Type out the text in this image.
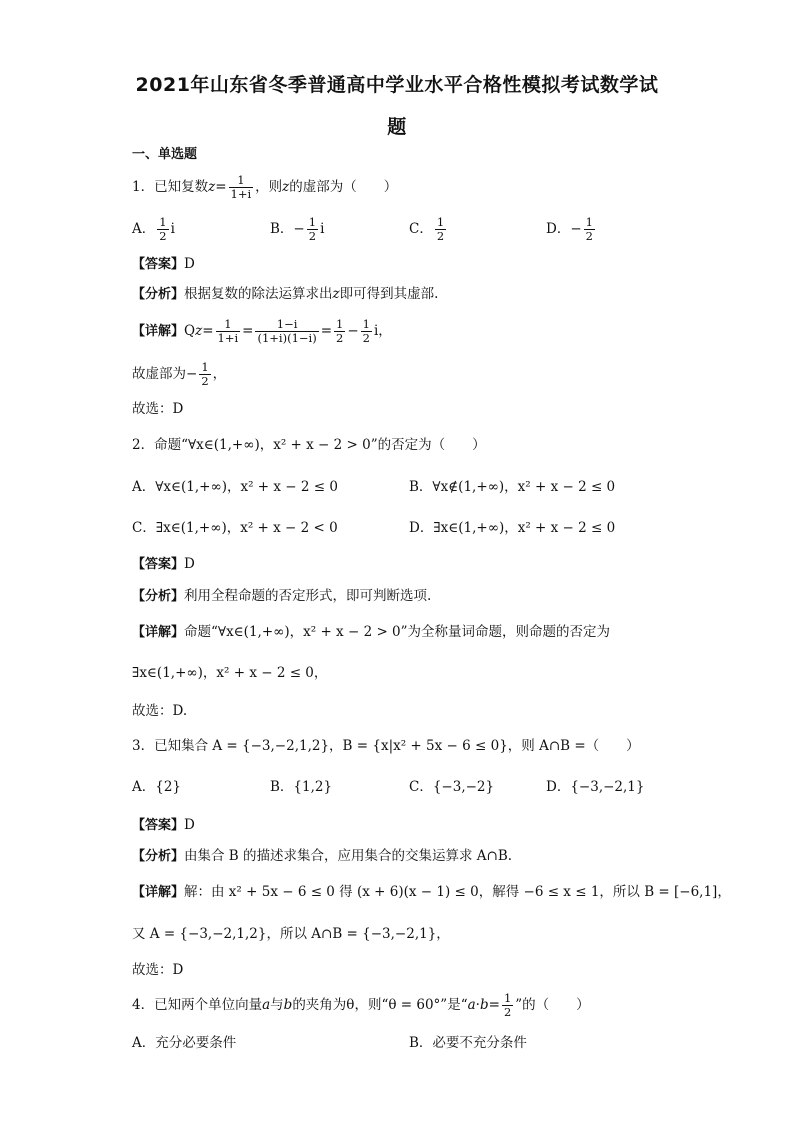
2021年山东省冬季普通高中学业水平合格性模拟考试数学试
题
一、单选题
1．已知复数$z= \frac{1}{1+i}$ ，则z的虚部为（　　）
A． $\frac{1}{2}$ i	B．− $\frac{1}{2}$ i	C． $\frac{1}{2}$	D．− $\frac{1}{2}$
【答案】D
【分析】根据复数的除法运算求出z即可得到其虚部.
【详解】$Qz= \frac{1}{1+i} = \frac{1-i}{(1+i)(1-i)} = \frac{1}{2} - \frac{1}{2}$ i，
故虚部为− $\frac{1}{2}$ ，
故选：D
2．命题“∀x∈(1,+∞)，x² + x − 2 > 0”的否定为（　　）
A．∀x∈(1,+∞)，x² + x − 2 ≤ 0	B．∀x∉(1,+∞)，x² + x − 2 ≤ 0
C．∃x∈(1,+∞)，x² + x − 2 < 0	D．∃x∈(1,+∞)，x² + x − 2 ≤ 0
【答案】D
【分析】利用全程命题的否定形式，即可判断选项.
【详解】命题“∀x∈(1,+∞)，x² + x − 2 > 0”为全称量词命题，则命题的否定为
∃x∈(1,+∞)，x² + x − 2 ≤ 0，
故选：D.
3．已知集合 A = {−3,−2,1,2}，B = {x|x² + 5x − 6 ≤ 0}，则 A∩B =（　　）
A．{2}	B．{1,2}	C．{−3,−2}	D．{−3,−2,1}
【答案】D
【分析】由集合 B 的描述求集合，应用集合的交集运算求 A∩B.
【详解】解：由 x² + 5x − 6 ≤ 0 得 (x + 6)(x − 1) ≤ 0，解得 −6 ≤ x ≤ 1，所以 B = [−6,1]，
又 A = {−3,−2,1,2}，所以 A∩B = {−3,−2,1}，
故选：D
4．已知两个单位向量a与b的夹角为θ，则“θ = 60°”是“$a\cdot b= \frac{1}{2}$ ”的（　　）
A．充分必要条件	B．必要不充分条件
